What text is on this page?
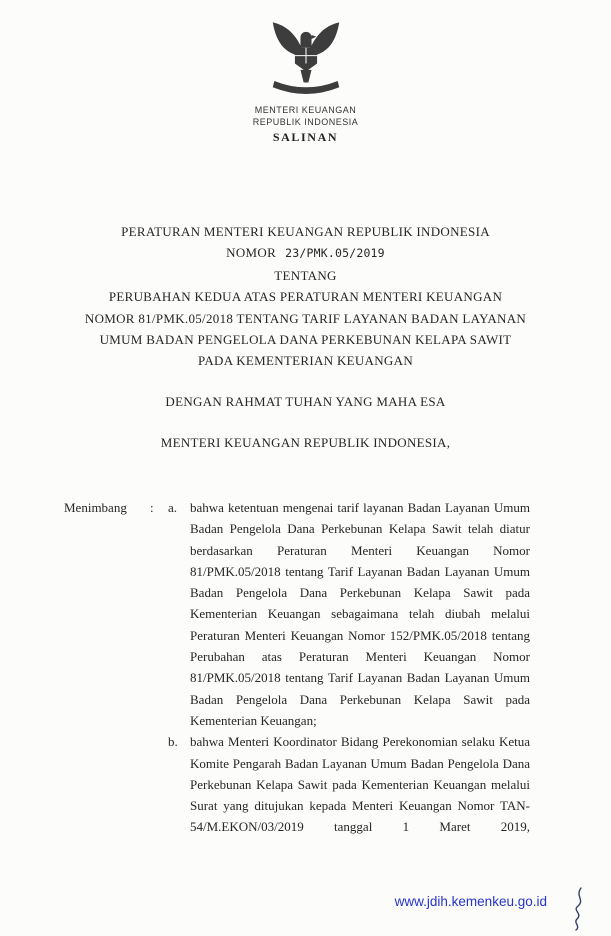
MENTERI KEUANGAN
REPUBLIK INDONESIA
SALINAN
PERATURAN MENTERI KEUANGAN REPUBLIK INDONESIA
NOMOR 23/PMK.05/2019
TENTANG
PERUBAHAN KEDUA ATAS PERATURAN MENTERI KEUANGAN
NOMOR 81/PMK.05/2018 TENTANG TARIF LAYANAN BADAN LAYANAN
UMUM BADAN PENGELOLA DANA PERKEBUNAN KELAPA SAWIT
PADA KEMENTERIAN KEUANGAN
DENGAN RAHMAT TUHAN YANG MAHA ESA
MENTERI KEUANGAN REPUBLIK INDONESIA,
Menimbang	:	a. bahwa ketentuan mengenai tarif layanan Badan Layanan Umum Badan Pengelola Dana Perkebunan Kelapa Sawit telah diatur berdasarkan Peraturan Menteri Keuangan Nomor 81/PMK.05/2018 tentang Tarif Layanan Badan Layanan Umum Badan Pengelola Dana Perkebunan Kelapa Sawit pada Kementerian Keuangan sebagaimana telah diubah melalui Peraturan Menteri Keuangan Nomor 152/PMK.05/2018 tentang Perubahan atas Peraturan Menteri Keuangan Nomor 81/PMK.05/2018 tentang Tarif Layanan Badan Layanan Umum Badan Pengelola Dana Perkebunan Kelapa Sawit pada Kementerian Keuangan;
b. bahwa Menteri Koordinator Bidang Perekonomian selaku Ketua Komite Pengarah Badan Layanan Umum Badan Pengelola Dana Perkebunan Kelapa Sawit pada Kementerian Keuangan melalui Surat yang ditujukan kepada Menteri Keuangan Nomor TAN-54/M.EKON/03/2019 tanggal 1 Maret 2019,
www.jdih.kemenkeu.go.id
